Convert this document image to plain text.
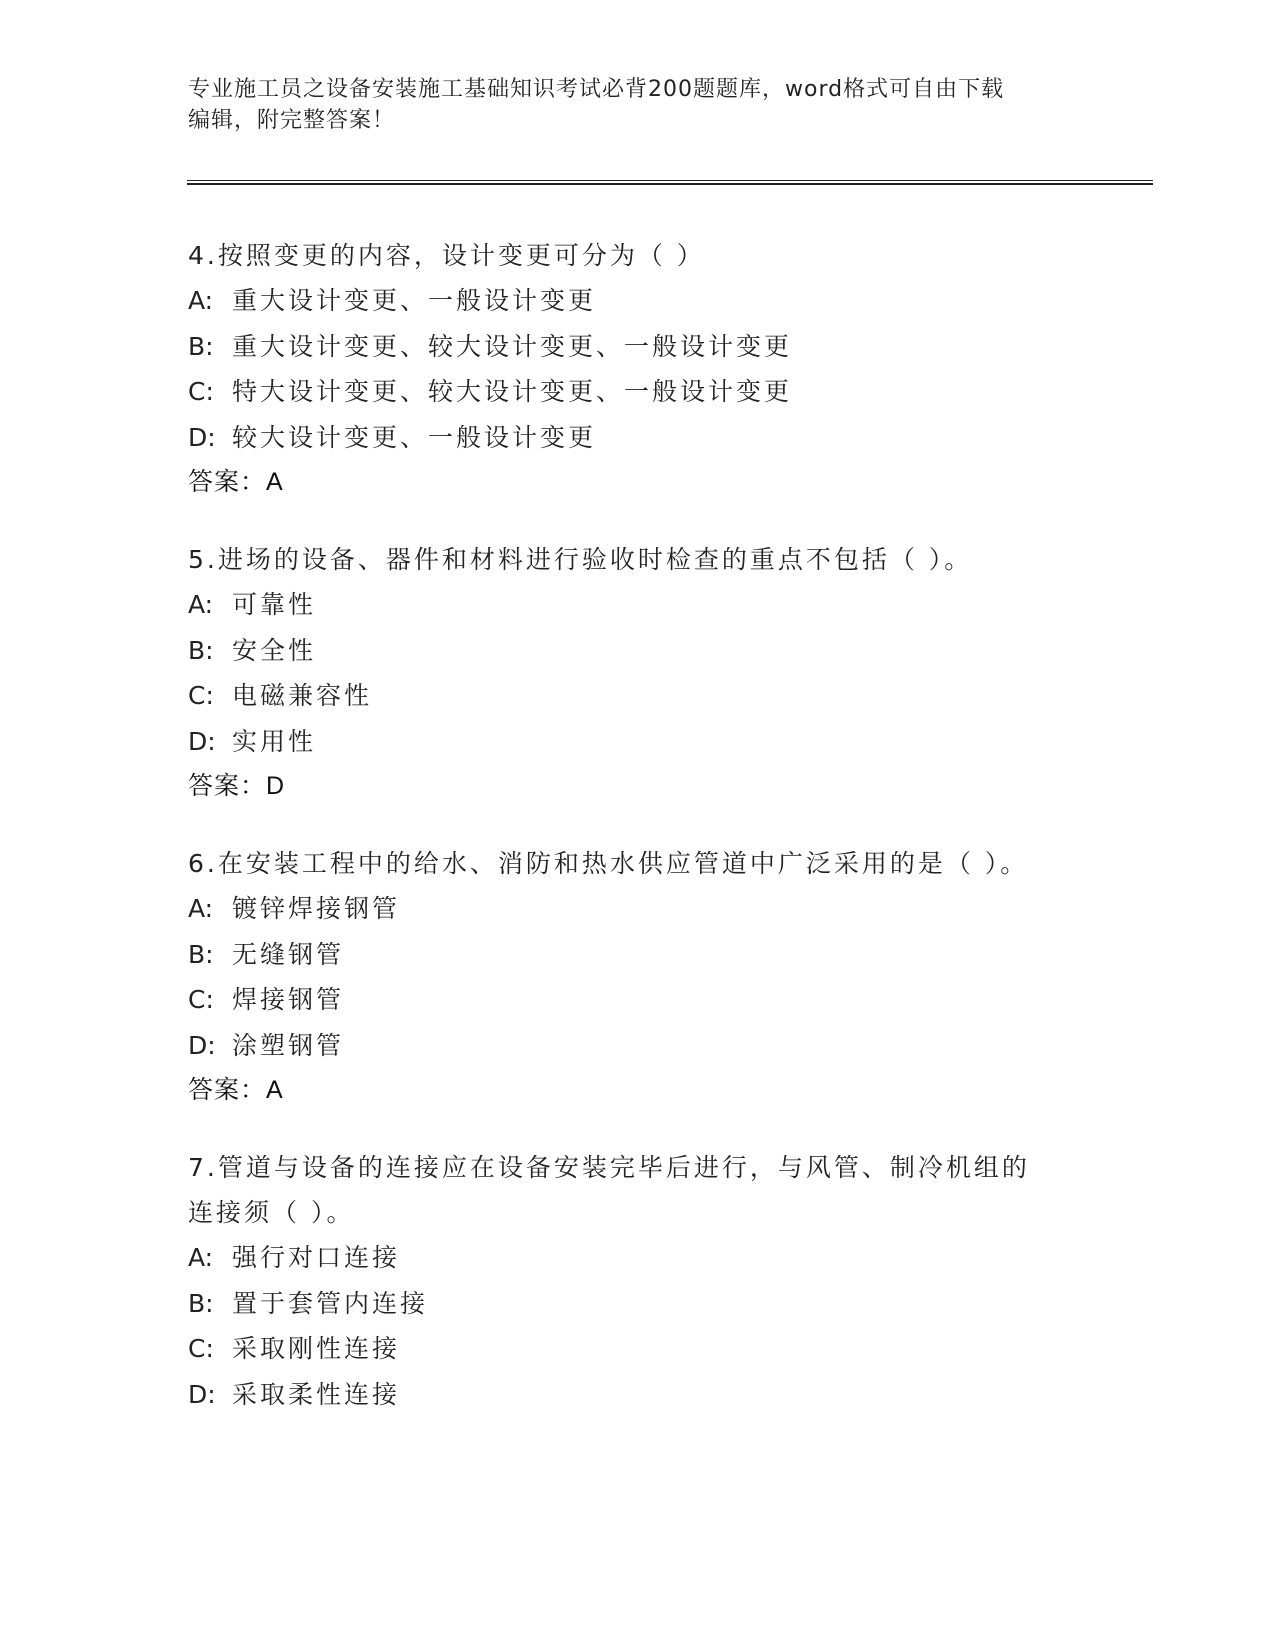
专业施工员之设备安装施工基础知识考试必背200题题库，word格式可自由下载
编辑，附完整答案！
4.按照变更的内容，设计变更可分为（ ）
A: 重大设计变更、一般设计变更
B: 重大设计变更、较大设计变更、一般设计变更
C: 特大设计变更、较大设计变更、一般设计变更
D: 较大设计变更、一般设计变更
答案：A
5.进场的设备、器件和材料进行验收时检查的重点不包括（ ）。
A: 可靠性
B: 安全性
C: 电磁兼容性
D: 实用性
答案：D
6.在安装工程中的给水、消防和热水供应管道中广泛采用的是（ ）。
A: 镀锌焊接钢管
B: 无缝钢管
C: 焊接钢管
D: 涂塑钢管
答案：A
7.管道与设备的连接应在设备安装完毕后进行，与风管、制冷机组的连接须（ ）。
A: 强行对口连接
B: 置于套管内连接
C: 采取刚性连接
D: 采取柔性连接
